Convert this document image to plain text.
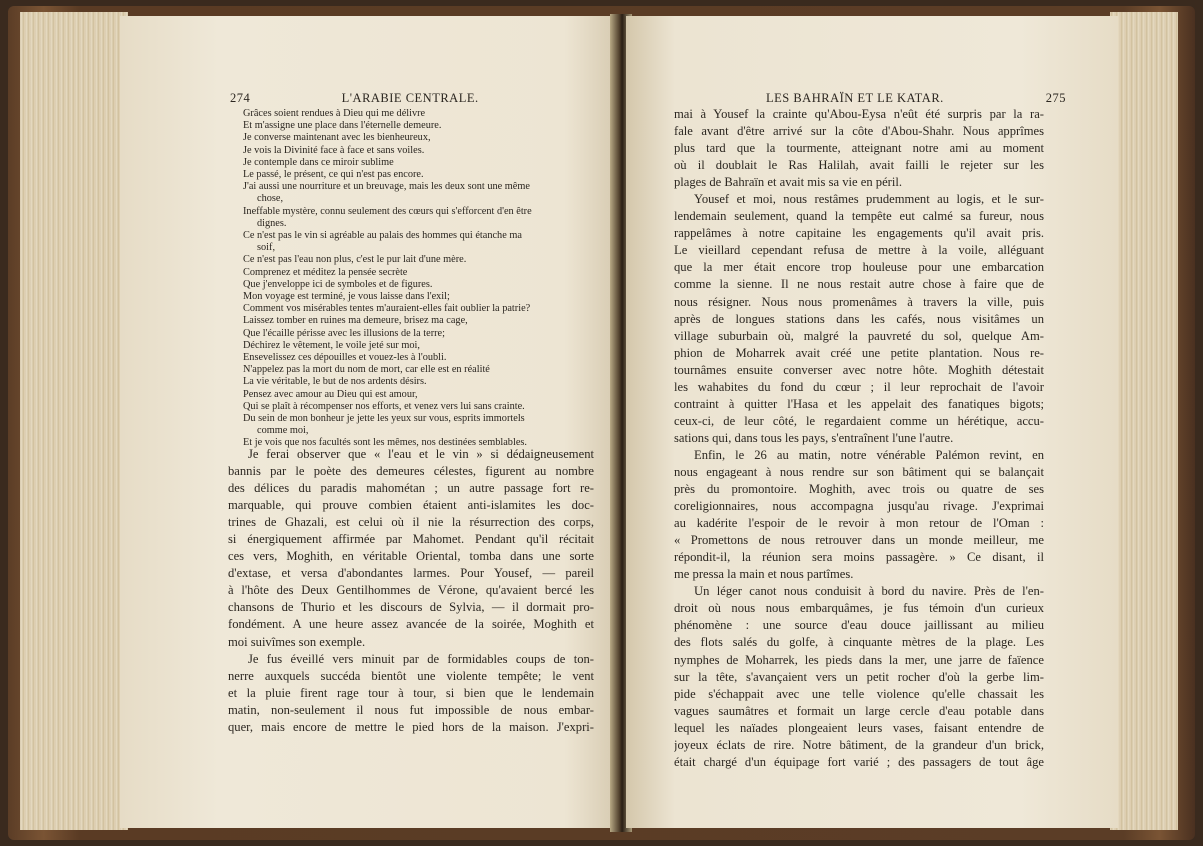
274	L'ARABIE CENTRALE.
Grâces soient rendues à Dieu qui me délivre
Et m'assigne une place dans l'éternelle demeure.
Je converse maintenant avec les bienheureux,
Je vois la Divinité face à face et sans voiles.
Je contemple dans ce miroir sublime
Le passé, le présent, ce qui n'est pas encore.
J'ai aussi une nourriture et un breuvage, mais les deux sont une même
chose,
Ineffable mystère, connu seulement des cœurs qui s'efforcent d'en être
dignes.
Ce n'est pas le vin si agréable au palais des hommes qui étanche ma
soif,
Ce n'est pas l'eau non plus, c'est le pur lait d'une mère.
Comprenez et méditez la pensée secrète
Que j'enveloppe ici de symboles et de figures.
Mon voyage est terminé, je vous laisse dans l'exil;
Comment vos misérables tentes m'auraient-elles fait oublier la patrie?
Laissez tomber en ruines ma demeure, brisez ma cage,
Que l'écaille périsse avec les illusions de la terre;
Déchirez le vêtement, le voile jeté sur moi,
Ensevelissez ces dépouilles et vouez-les à l'oubli.
N'appelez pas la mort du nom de mort, car elle est en réalité
La vie véritable, le but de nos ardents désirs.
Pensez avec amour au Dieu qui est amour,
Qui se plaît à récompenser nos efforts, et venez vers lui sans crainte.
Du sein de mon bonheur je jette les yeux sur vous, esprits immortels
comme moi,
Et je vois que nos facultés sont les mêmes, nos destinées semblables.
Je ferai observer que « l'eau et le vin » si dédaigneusement
bannis par le poète des demeures célestes, figurent au nombre
des délices du paradis mahométan ; un autre passage fort re-
marquable, qui prouve combien étaient anti-islamites les doc-
trines de Ghazali, est celui où il nie la résurrection des corps,
si énergiquement affirmée par Mahomet. Pendant qu'il récitait
ces vers, Moghith, en véritable Oriental, tomba dans une sorte
d'extase, et versa d'abondantes larmes. Pour Yousef, — pareil
à l'hôte des Deux Gentilhommes de Vérone, qu'avaient bercé les
chansons de Thurio et les discours de Sylvia, — il dormait pro-
fondément. A une heure assez avancée de la soirée, Moghith et
moi suivîmes son exemple.
Je fus éveillé vers minuit par de formidables coups de ton-
nerre auxquels succéda bientôt une violente tempête; le vent
et la pluie firent rage tour à tour, si bien que le lendemain
matin, non-seulement il nous fut impossible de nous embar-
quer, mais encore de mettre le pied hors de la maison. J'expri-
LES BAHRAÏN ET LE KATAR.	275
mai à Yousef la crainte qu'Abou-Eysa n'eût été surpris par la ra-
fale avant d'être arrivé sur la côte d'Abou-Shahr. Nous apprîmes
plus tard que la tourmente, atteignant notre ami au moment
où il doublait le Ras Halilah, avait failli le rejeter sur les
plages de Bahraïn et avait mis sa vie en péril.
Yousef et moi, nous restâmes prudemment au logis, et le sur-
lendemain seulement, quand la tempête eut calmé sa fureur, nous
rappelâmes à notre capitaine les engagements qu'il avait pris.
Le vieillard cependant refusa de mettre à la voile, alléguant
que la mer était encore trop houleuse pour une embarcation
comme la sienne. Il ne nous restait autre chose à faire que de
nous résigner. Nous nous promenâmes à travers la ville, puis
après de longues stations dans les cafés, nous visitâmes un
village suburbain où, malgré la pauvreté du sol, quelque Am-
phion de Moharrek avait créé une petite plantation. Nous re-
tournâmes ensuite converser avec notre hôte. Moghith détestait
les wahabites du fond du cœur ; il leur reprochait de l'avoir
contraint à quitter l'Hasa et les appelait des fanatiques bigots;
ceux-ci, de leur côté, le regardaient comme un hérétique, accu-
sations qui, dans tous les pays, s'entraînent l'une l'autre.
Enfin, le 26 au matin, notre vénérable Palémon revint, en
nous engageant à nous rendre sur son bâtiment qui se balançait
près du promontoire. Moghith, avec trois ou quatre de ses
coreligionnaires, nous accompagna jusqu'au rivage. J'exprimai
au kadérite l'espoir de le revoir à mon retour de l'Oman :
« Promettons de nous retrouver dans un monde meilleur, me
répondit-il, la réunion sera moins passagère. » Ce disant, il
me pressa la main et nous partîmes.
Un léger canot nous conduisit à bord du navire. Près de l'en-
droit où nous nous embarquâmes, je fus témoin d'un curieux
phénomène : une source d'eau douce jaillissant au milieu
des flots salés du golfe, à cinquante mètres de la plage. Les
nymphes de Moharrek, les pieds dans la mer, une jarre de faïence
sur la tête, s'avançaient vers un petit rocher d'où la gerbe lim-
pide s'échappait avec une telle violence qu'elle chassait les
vagues saumâtres et formait un large cercle d'eau potable dans
lequel les naïades plongeaient leurs vases, faisant entendre de
joyeux éclats de rire. Notre bâtiment, de la grandeur d'un brick,
était chargé d'un équipage fort varié ; des passagers de tout âge
